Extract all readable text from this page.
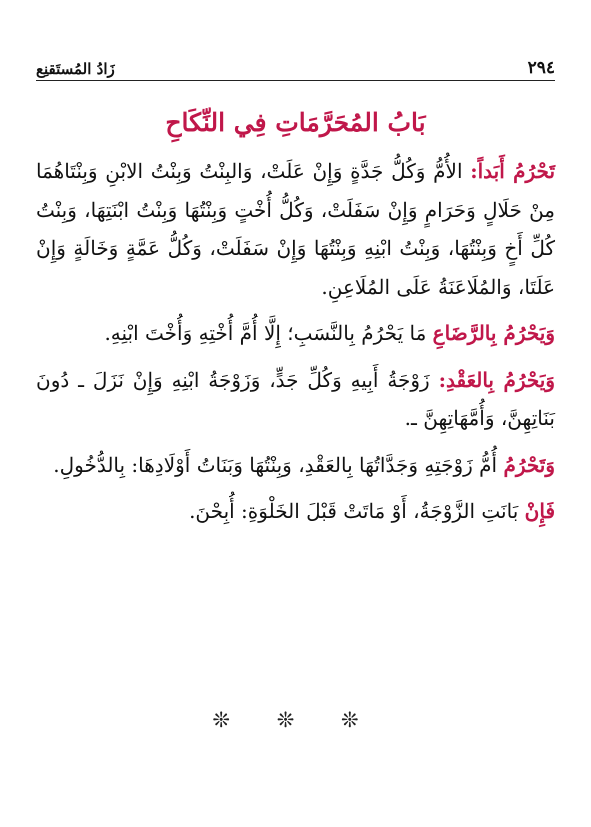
زَادُ المُستَقنِع	٢٩٤
بَابُ المُحَرَّمَاتِ فِي النِّكَاحِ

تَحْرُمُ أَبَداً: الأُمُّ وَكُلُّ جَدَّةٍ وَإِنْ عَلَتْ، وَالبِنْتُ وَبِنْتُ الابْنِ وَبِنْتَاهُمَا مِنْ حَلَالٍ وَحَرَامٍ وَإِنْ سَفَلَتْ، وَكُلُّ أُخْتٍ وَبِنْتُهَا وَبِنْتُ ابْنَتِهَا، وَبِنْتُ كُلِّ أَخٍ وَبِنْتُهَا، وَبِنْتُ ابْنِهِ وَبِنْتُهَا وَإِنْ سَفَلَتْ، وَكُلُّ عَمَّةٍ وَخَالَةٍ وَإِنْ عَلَتَا، وَالمُلَاعَنَةُ عَلَى المُلَاعِنِ.

وَيَحْرُمُ بِالرَّضَاعِ مَا يَحْرُمُ بِالنَّسَبِ؛ إِلَّا أُمَّ أُخْتِهِ وَأُخْتَ ابْنِهِ.

وَيَحْرُمُ بِالعَقْدِ: زَوْجَةُ أَبِيهِ وَكُلِّ جَدٍّ، وَزَوْجَةُ ابْنِهِ وَإِنْ نَزَلَ ـ دُونَ بَنَاتِهِنَّ، وَأُمَّهَاتِهِنَّ ـ.

وَتَحْرُمُ أُمُّ زَوْجَتِهِ وَجَدَّاتُهَا بِالعَقْدِ، وَبِنْتُهَا وَبَنَاتُ أَوْلَادِهَا: بِالدُّخُولِ.

فَإِنْ بَانَتِ الزَّوْجَةُ، أَوْ مَاتَتْ قَبْلَ الخَلْوَةِ: أُبِحْنَ.

❊ ❊ ❊
